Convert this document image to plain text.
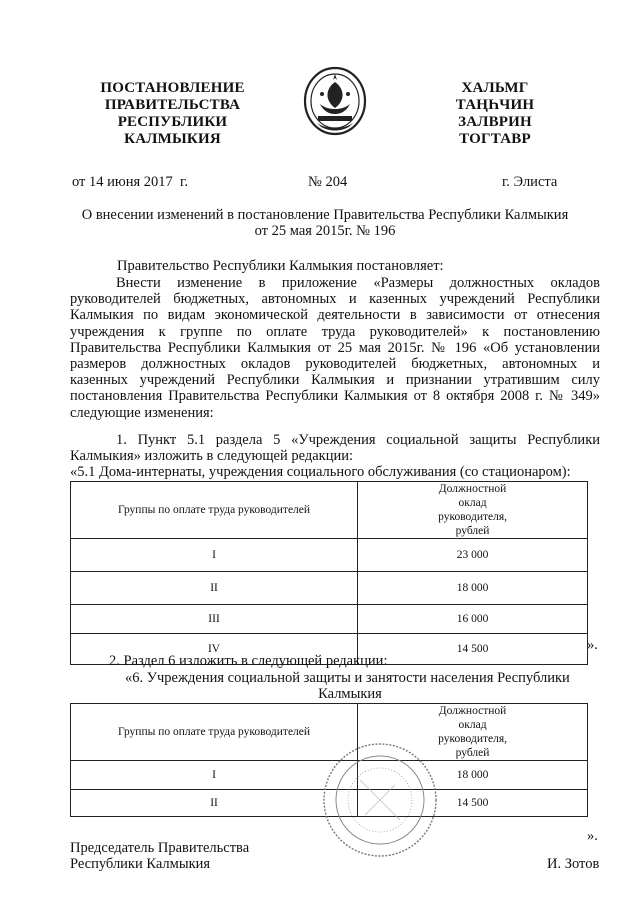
ПОСТАНОВЛЕНИЕ
ПРАВИТЕЛЬСТВА
РЕСПУБЛИКИ
КАЛМЫКИЯ
ХАЛЬМГ
ТАҢҺЧИН
ЗАЛВРИН
ТОГТАВР
от 14 июня 2017  г.	№ 204	г. Элиста
О внесении изменений в постановление Правительства Республики Калмыкия
от 25 мая 2015г. № 196
Правительство Республики Калмыкия постановляет:
Внести   изменение   в   приложение   «Размеры   должностных   окладов
руководителей бюджетных, автономных и казенных учреждений Республики
Калмыкия по видам экономической деятельности в зависимости от отнесения
учреждения  к  группе  по  оплате  труда  руководителей»  к  постановлению
Правительства Республики Калмыкия от 25 мая 2015г. № 196 «Об установлении
размеров должностных окладов руководителей бюджетных, автономных и
казенных учреждений Республики Калмыкия и признании утратившим силу
постановления Правительства Республики Калмыкия от 8 октября 2008 г. № 349»
следующие изменения:
1. Пункт 5.1 раздела 5 «Учреждения социальной защиты Республики
Калмыкия» изложить в следующей редакции:
«5.1 Дома-интернаты, учреждения социального обслуживания (со стационаром):
Группы по оплате труда руководителей	Должностной оклад руководителя, рублей
I	23 000
II	18 000
III	16 000
IV	14 500	».
2. Раздел 6 изложить в следующей редакции:
«6. Учреждения социальной защиты и занятости населения Республики
Калмыкия
Группы по оплате труда руководителей	Должностной оклад руководителя, рублей
I	18 000
II	14 500
».
Председатель Правительства
Республики Калмыкия	И. Зотов
